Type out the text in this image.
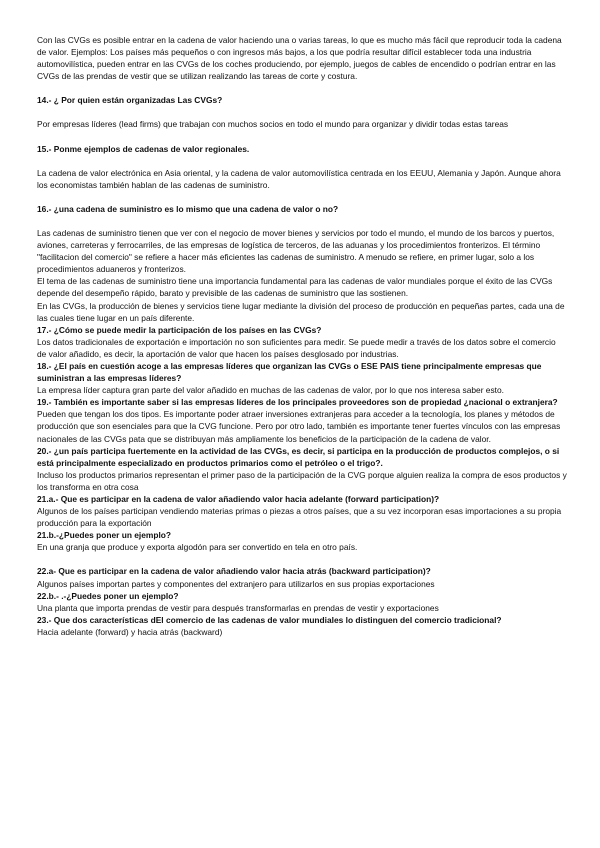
Con las CVGs es posible entrar en la cadena de valor haciendo una o varias tareas, lo que es mucho más fácil que reproducir toda la cadena de valor. Ejemplos: Los países más pequeños o con ingresos más bajos, a los que podría resultar difícil establecer toda una industria automovilística, pueden entrar en las CVGs de los coches produciendo, por ejemplo, juegos de cables de encendido o podrían entrar en las CVGs de las prendas de vestir que se utilizan realizando las tareas de corte y costura.

14.- ¿ Por quien están organizadas Las CVGs?

Por empresas líderes (lead firms) que trabajan con muchos socios en todo el mundo para organizar y dividir todas estas tareas

15.- Ponme ejemplos de cadenas de valor regionales.

La cadena de valor electrónica en Asia oriental, y la cadena de valor automovilística centrada en los EEUU, Alemania y Japón. Aunque ahora los economistas también hablan de las cadenas de suministro.

16.- ¿una cadena de suministro es lo mismo que una cadena de valor o no?

Las cadenas de suministro tienen que ver con el negocio de mover bienes y servicios por todo el mundo, el mundo de los barcos y puertos, aviones, carreteras y ferrocarriles, de las empresas de logística de terceros, de las aduanas y los procedimientos fronterizos. El término "facilitacion del comercio" se refiere a hacer más eficientes las cadenas de suministro. A menudo se refiere, en primer lugar, solo a los procedimientos aduaneros y fronterizos.

El tema de las cadenas de suministro tiene una importancia fundamental para las cadenas de valor mundiales porque el éxito de las CVGs depende del desempeño rápido, barato y previsible de las cadenas de suministro que las sostienen.

En las CVGs, la producción de bienes y servicios tiene lugar mediante la división del proceso de producción en pequeñas partes, cada una de las cuales tiene lugar en un país diferente.

17.- ¿Cómo se puede medir la participación de los países en las CVGs?

Los datos tradicionales de exportación e importación no son suficientes para medir. Se puede medir a través de los datos sobre el comercio de valor añadido, es decir, la aportación de valor que hacen los países desglosado por industrias.

18.- ¿El país en cuestión acoge a las empresas líderes que organizan las CVGs o ESE PAIS tiene principalmente empresas que suministran a las empresas líderes?

La empresa líder captura gran parte del valor añadido en muchas de las cadenas de valor, por lo que nos interesa saber esto.

19.- También es importante saber si las empresas líderes de los principales proveedores son de propiedad ¿nacional o extranjera?

Pueden que tengan los dos tipos. Es importante poder atraer inversiones extranjeras para acceder a la tecnología, los planes y métodos de producción que son esenciales para que la CVG funcione. Pero por otro lado, también es importante tener fuertes vínculos con las empresas nacionales de las CVGs pata que se distribuyan más ampliamente los beneficios de la participación de la cadena de valor.

20.- ¿un país participa fuertemente en la actividad de las CVGs, es decir, si participa en la producción de productos complejos, o si está principalmente especializado en productos primarios como el petróleo o el trigo?.

Incluso los productos primarios representan el primer paso de la participación de la CVG porque alguien realiza la compra de esos productos y los transforma en otra cosa

21.a.- Que es participar en la cadena de valor añadiendo valor hacia adelante (forward participation)?

Algunos de los países participan vendiendo materias primas o piezas a otros países, que a su vez incorporan esas importaciones a su propia producción para la exportación

21.b.-¿Puedes poner un ejemplo?

En una granja que produce y exporta algodón para ser convertido en tela en otro país.

22.a- Que es participar en la cadena de valor añadiendo valor hacia atrás (backward participation)?

Algunos países importan partes y componentes del extranjero para utilizarlos en sus propias exportaciones

22.b.- .-¿Puedes poner un ejemplo?

Una planta que importa prendas de vestir para después transformarlas en prendas de vestir y exportaciones

23.- Que dos características dEl comercio de las cadenas de valor mundiales lo distinguen del comercio tradicional?

Hacia adelante (forward) y hacia atrás (backward)
